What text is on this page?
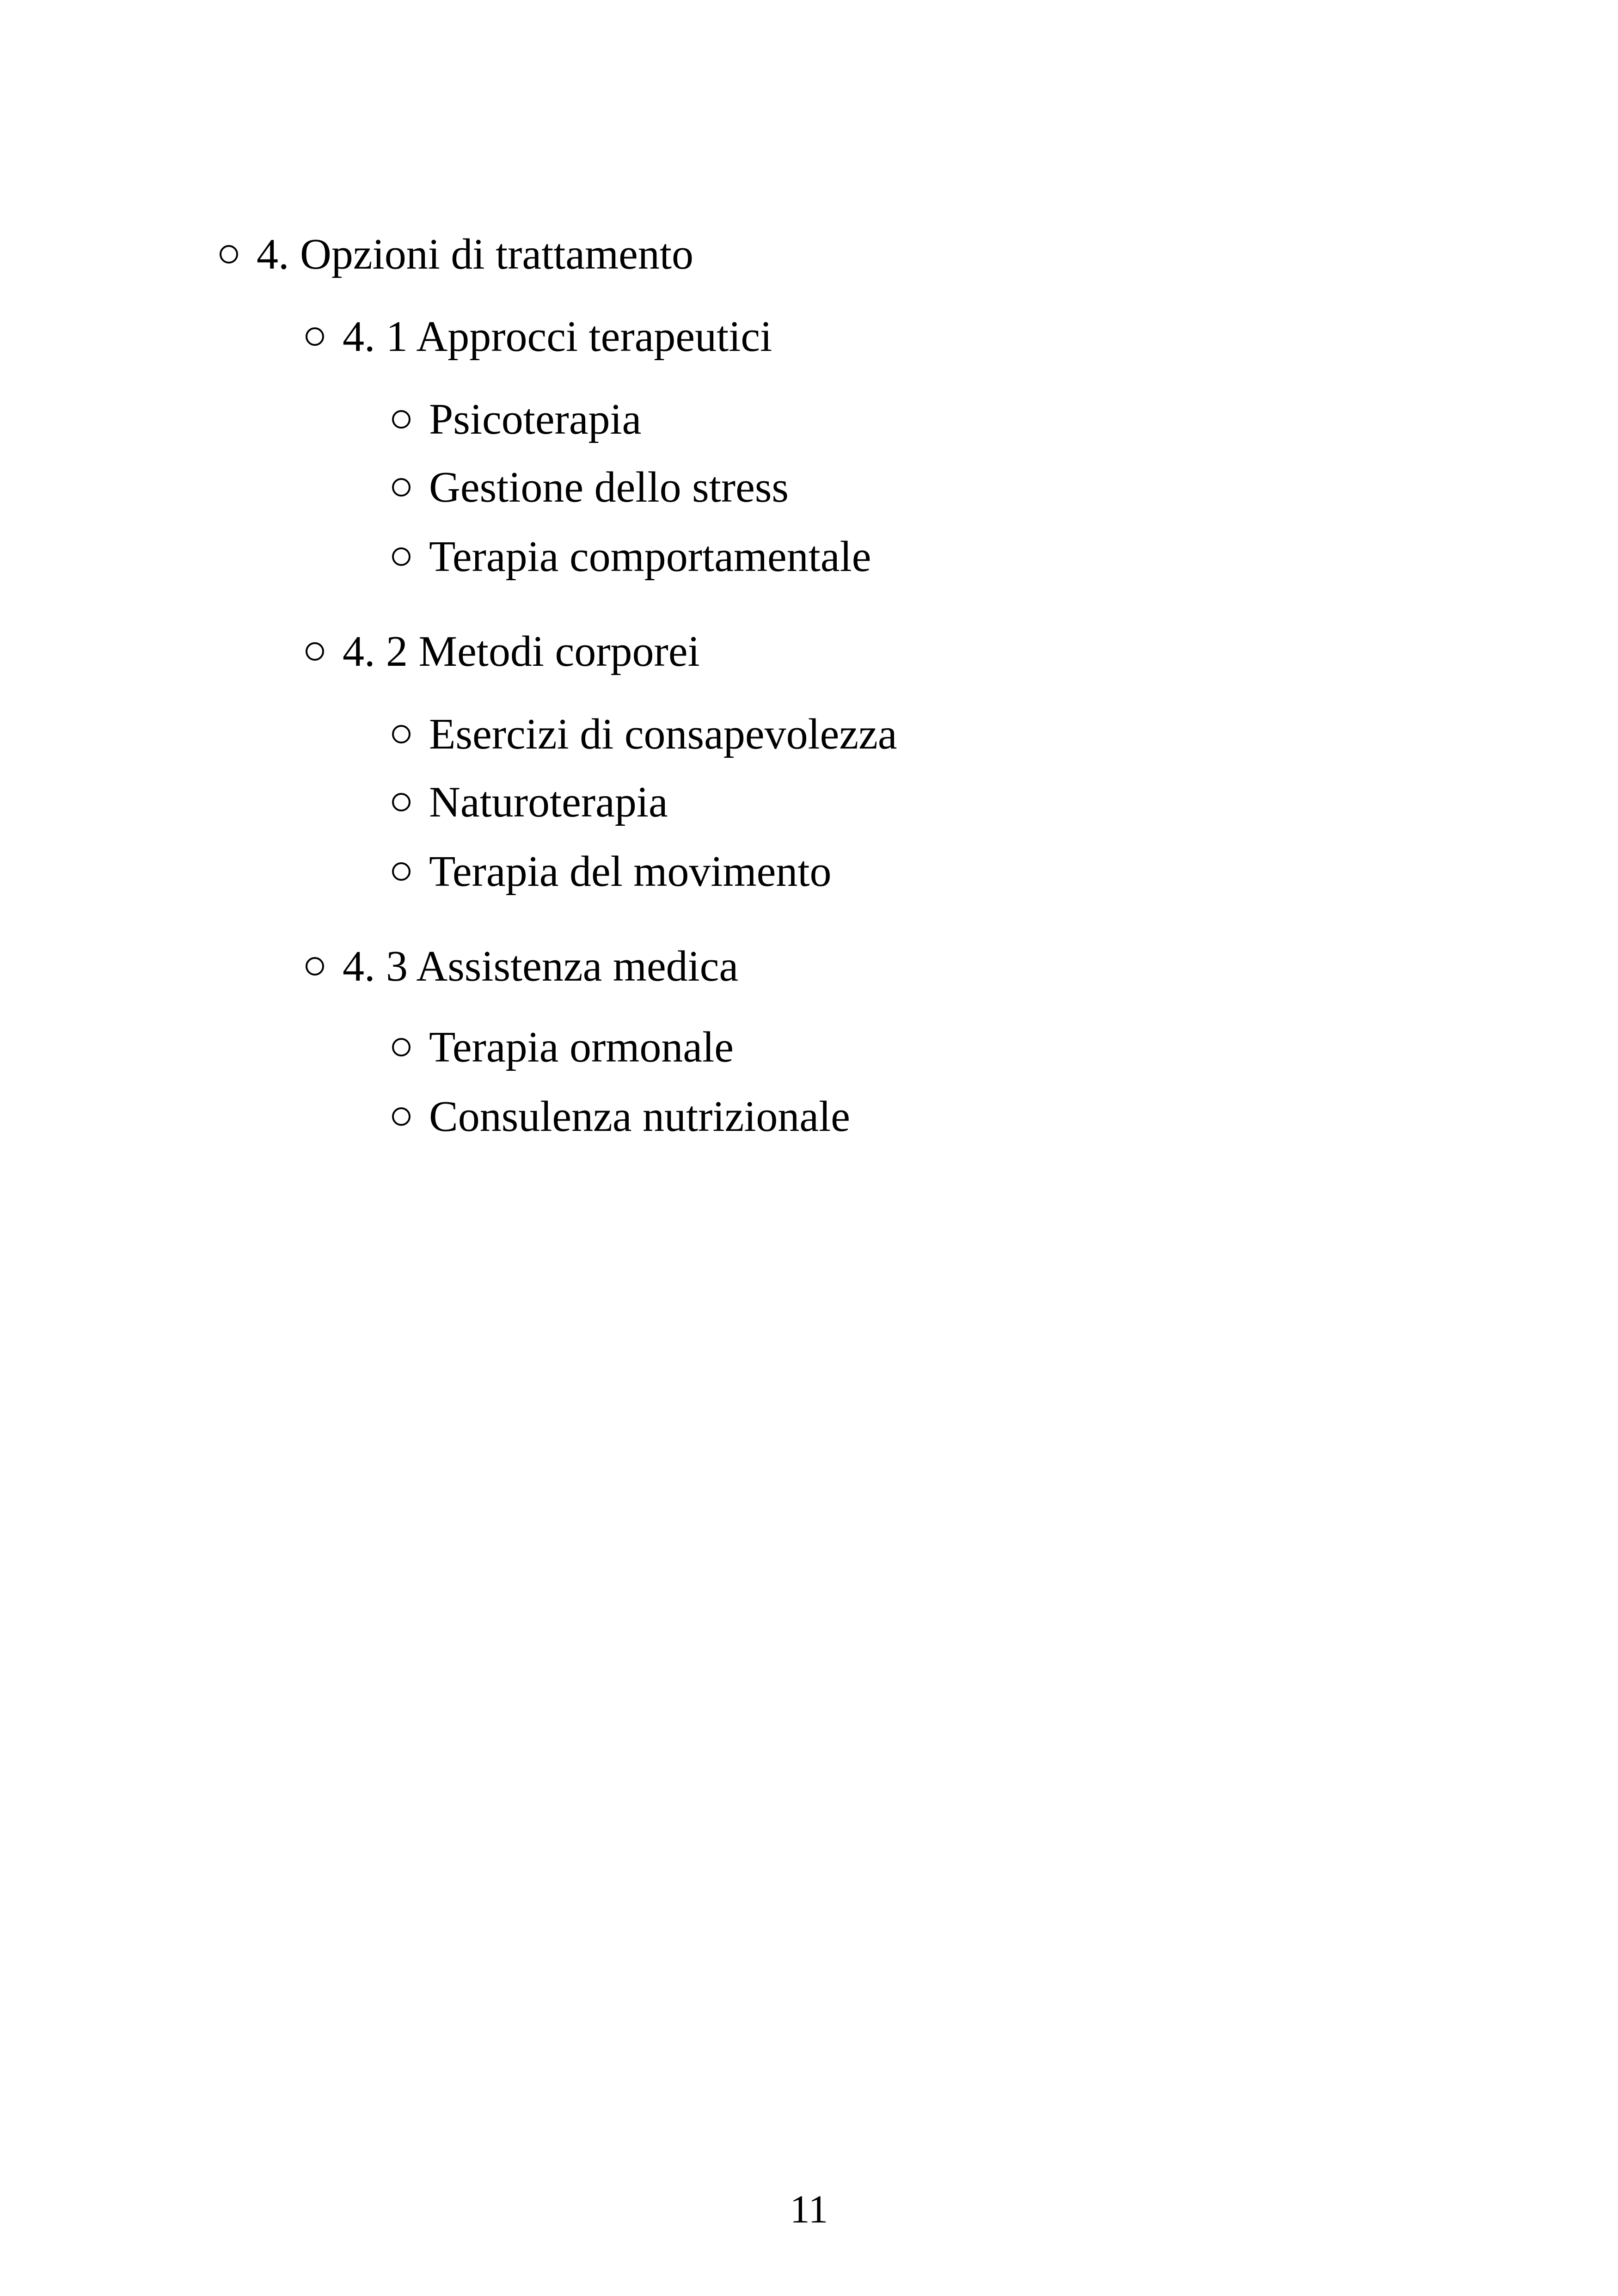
4. Opzioni di trattamento
4. 1 Approcci terapeutici
Psicoterapia
Gestione dello stress
Terapia comportamentale
4. 2 Metodi corporei
Esercizi di consapevolezza
Naturoterapia
Terapia del movimento
4. 3 Assistenza medica
Terapia ormonale
Consulenza nutrizionale
11
